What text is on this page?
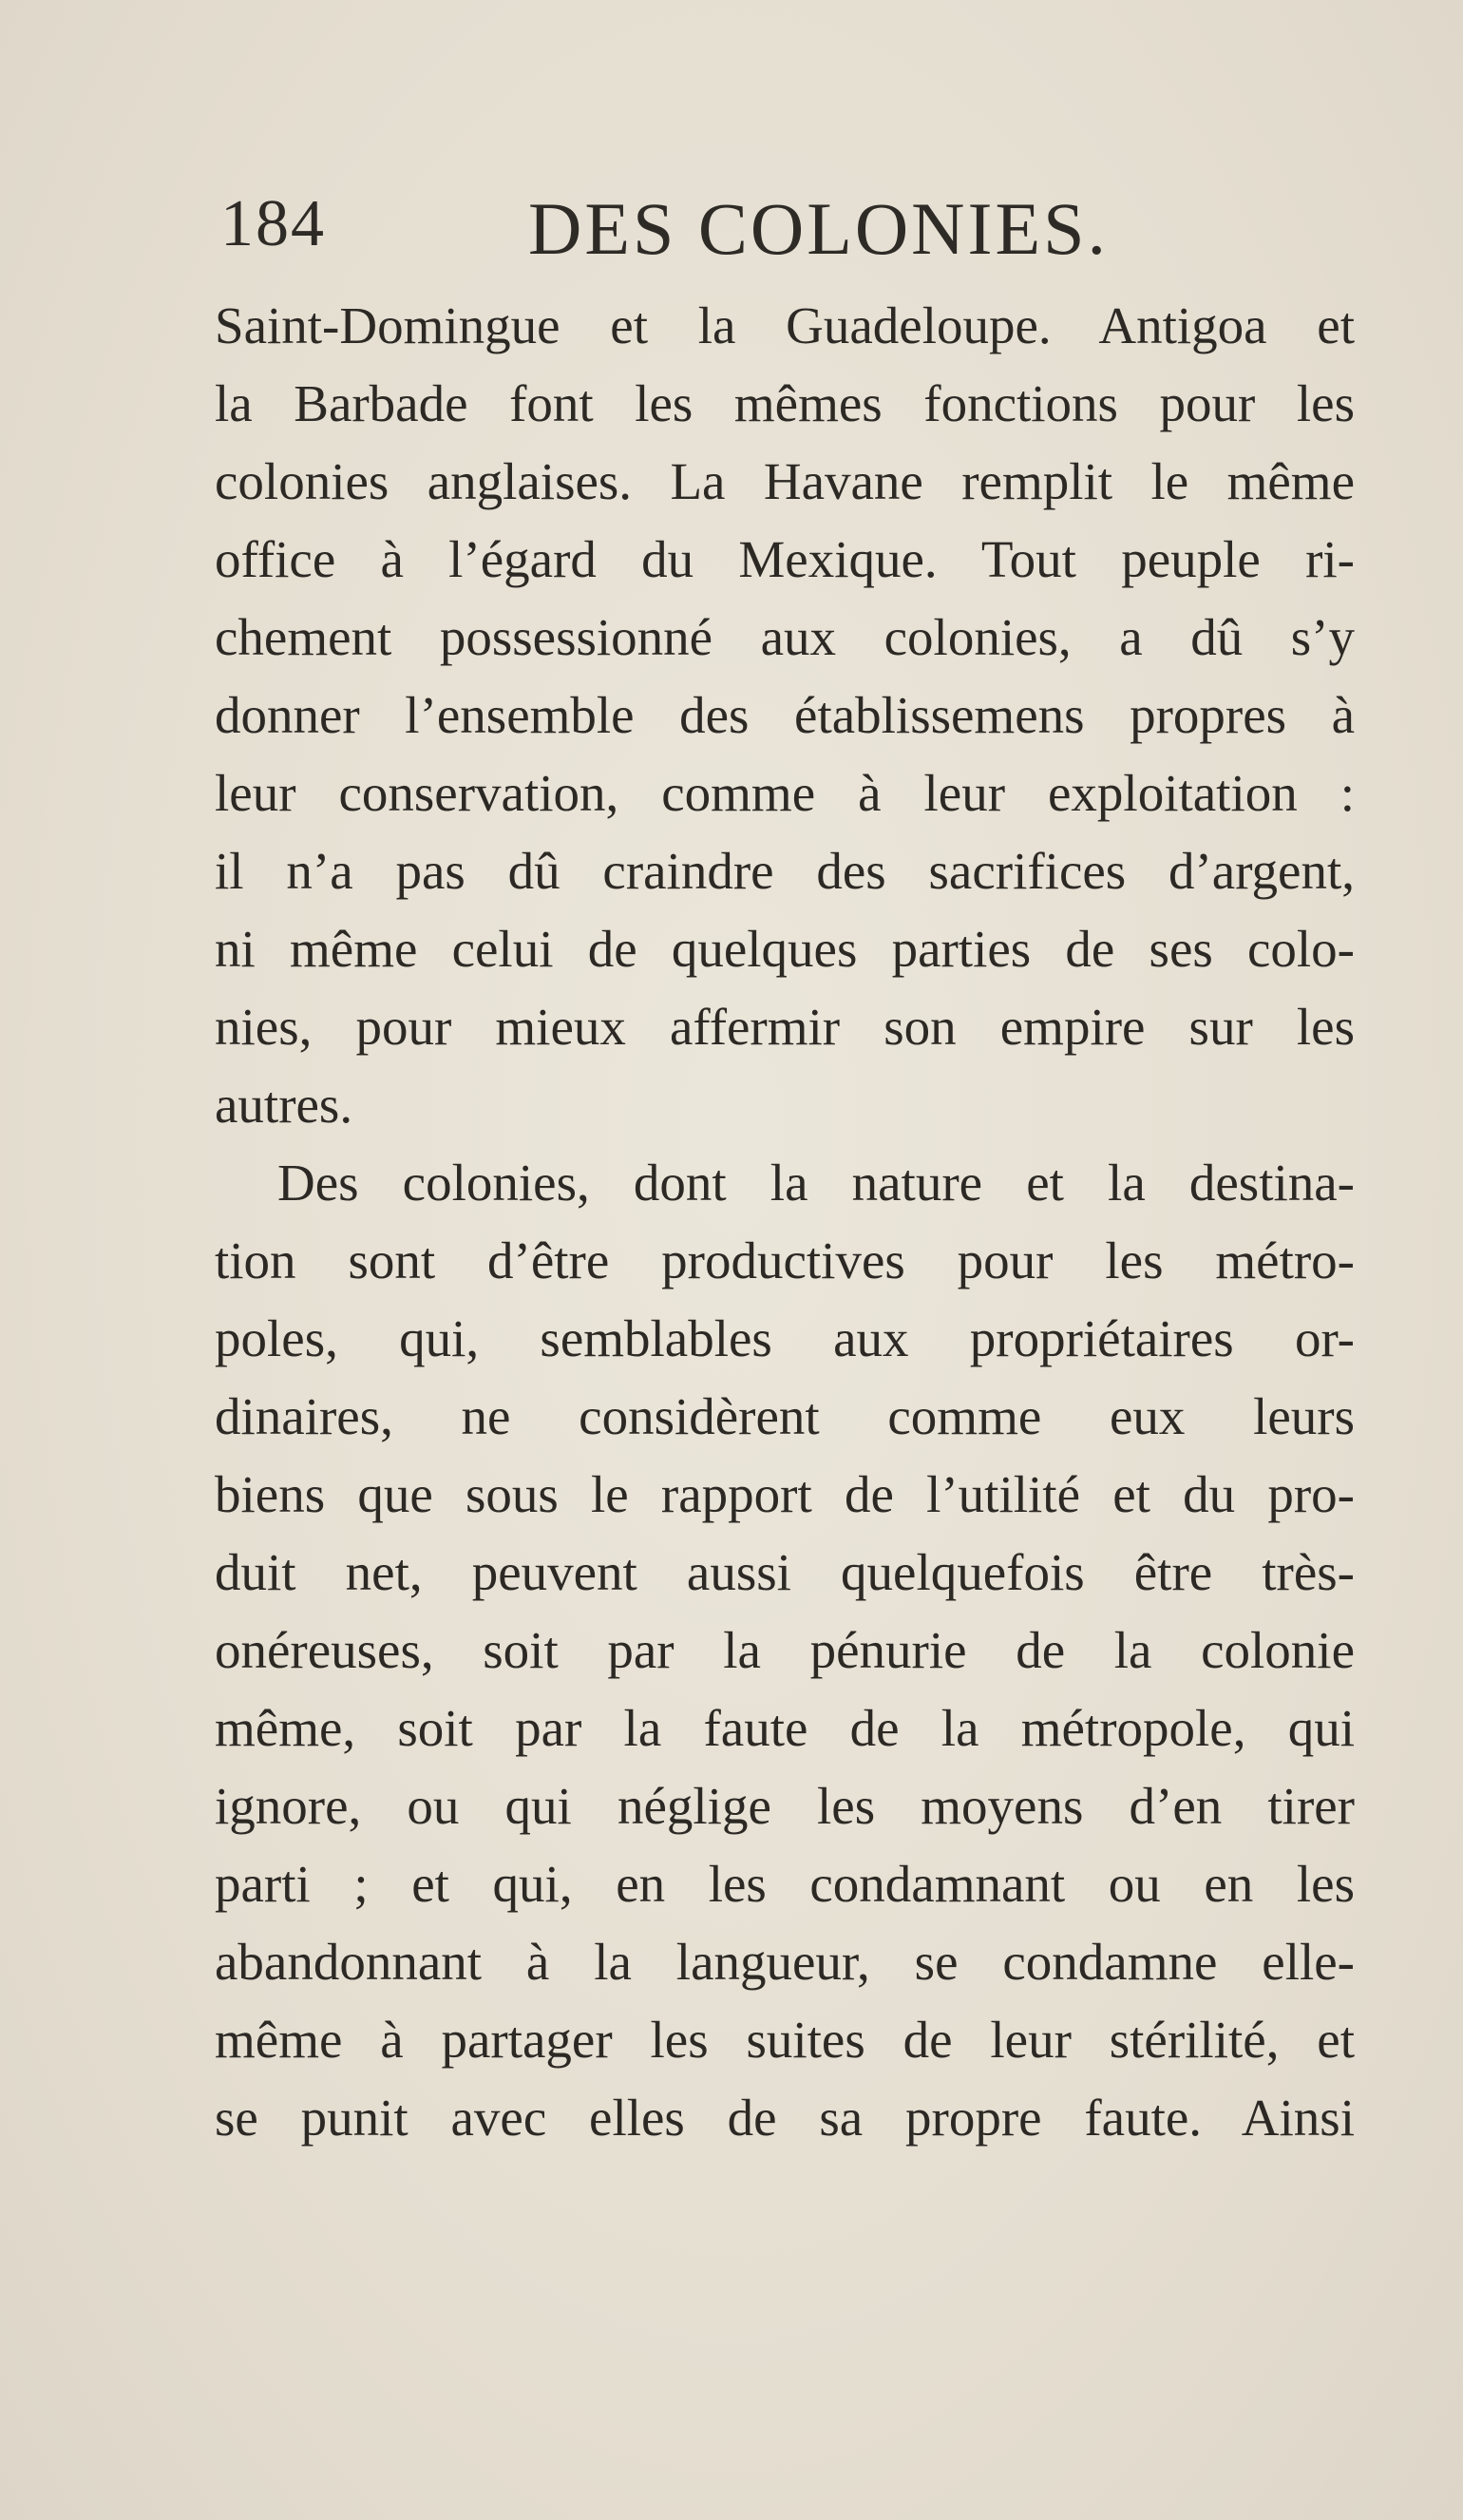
184	DES COLONIES.
Saint-Domingue et la Guadeloupe. Antigoa et
la Barbade font les mêmes fonctions pour les
colonies anglaises. La Havane remplit le même
office à l’égard du Mexique. Tout peuple ri-
chement possessionné aux colonies, a dû s’y
donner l’ensemble des établissemens propres à
leur conservation, comme à leur exploitation :
il n’a pas dû craindre des sacrifices d’argent,
ni même celui de quelques parties de ses colo-
nies, pour mieux affermir son empire sur les
autres.
Des colonies, dont la nature et la destina-
tion sont d’être productives pour les métro-
poles, qui, semblables aux propriétaires or-
dinaires, ne considèrent comme eux leurs
biens que sous le rapport de l’utilité et du pro-
duit net, peuvent aussi quelquefois être très-
onéreuses, soit par la pénurie de la colonie
même, soit par la faute de la métropole, qui
ignore, ou qui néglige les moyens d’en tirer
parti ; et qui, en les condamnant ou en les
abandonnant à la langueur, se condamne elle-
même à partager les suites de leur stérilité, et
se punit avec elles de sa propre faute. Ainsi
